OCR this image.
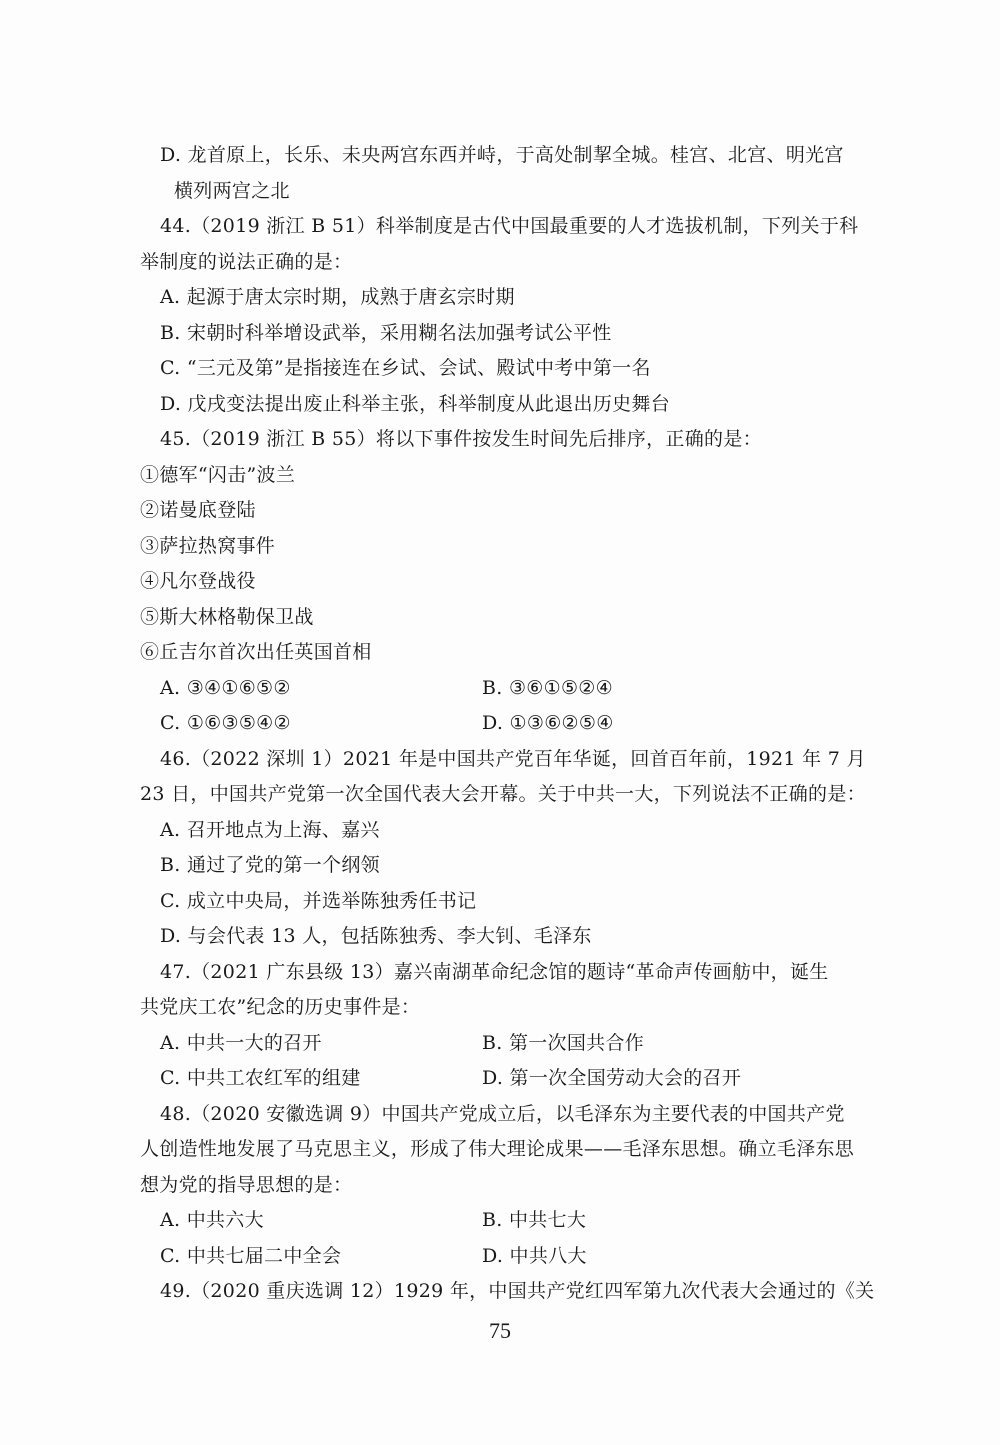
D. 龙首原上，长乐、未央两宫东西并峙，于高处制挈全城。桂宫、北宫、明光宫
横列两宫之北
44.（2019 浙江 B 51）科举制度是古代中国最重要的人才选拔机制，下列关于科
举制度的说法正确的是：
A. 起源于唐太宗时期，成熟于唐玄宗时期
B. 宋朝时科举增设武举，采用糊名法加强考试公平性
C. “三元及第”是指接连在乡试、会试、殿试中考中第一名
D. 戊戌变法提出废止科举主张，科举制度从此退出历史舞台
45.（2019 浙江 B 55）将以下事件按发生时间先后排序，正确的是：
①德军“闪击”波兰
②诺曼底登陆
③萨拉热窝事件
④凡尔登战役
⑤斯大林格勒保卫战
⑥丘吉尔首次出任英国首相
A. ③④①⑥⑤②	B. ③⑥①⑤②④
C. ①⑥③⑤④②	D. ①③⑥②⑤④
46.（2022 深圳 1）2021 年是中国共产党百年华诞，回首百年前，1921 年 7 月
23 日，中国共产党第一次全国代表大会开幕。关于中共一大，下列说法不正确的是：
A. 召开地点为上海、嘉兴
B. 通过了党的第一个纲领
C. 成立中央局，并选举陈独秀任书记
D. 与会代表 13 人，包括陈独秀、李大钊、毛泽东
47.（2021 广东县级 13）嘉兴南湖革命纪念馆的题诗“革命声传画舫中，诞生
共党庆工农”纪念的历史事件是：
A. 中共一大的召开	B. 第一次国共合作
C. 中共工农红军的组建	D. 第一次全国劳动大会的召开
48.（2020 安徽选调 9）中国共产党成立后，以毛泽东为主要代表的中国共产党
人创造性地发展了马克思主义，形成了伟大理论成果——毛泽东思想。确立毛泽东思
想为党的指导思想的是：
A. 中共六大	B. 中共七大
C. 中共七届二中全会	D. 中共八大
49.（2020 重庆选调 12）1929 年，中国共产党红四军第九次代表大会通过的《关
75
